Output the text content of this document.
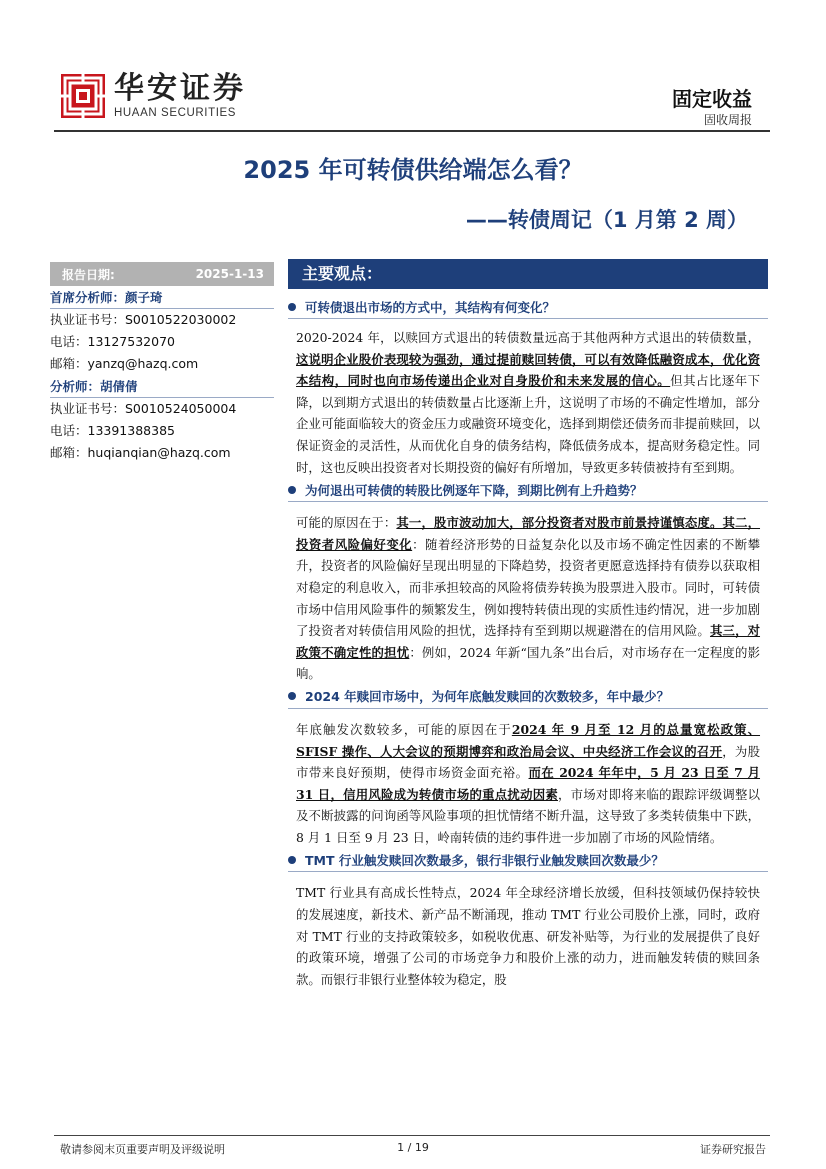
华安证券
HUAAN SECURITIES
固定收益
固收周报
2025 年可转债供给端怎么看？
——转债周记（1 月第 2 周）
报告日期:	2025-1-13
首席分析师：颜子琦
执业证书号：S0010522030002
电话：13127532070
邮箱：yanzq@hazq.com
分析师：胡倩倩
执业证书号：S0010524050004
电话：13391388385
邮箱：huqianqian@hazq.com
主要观点：
可转债退出市场的方式中，其结构有何变化？
2020-2024 年，以赎回方式退出的转债数量远高于其他两种方式退出的转债数量，这说明企业股价表现较为强劲，通过提前赎回转债，可以有效降低融资成本，优化资本结构，同时也向市场传递出企业对自身股价和未来发展的信心。但其占比逐年下降，以到期方式退出的转债数量占比逐渐上升，这说明了市场的不确定性增加，部分企业可能面临较大的资金压力或融资环境变化，选择到期偿还债务而非提前赎回，以保证资金的灵活性，从而优化自身的债务结构，降低债务成本，提高财务稳定性。同时，这也反映出投资者对长期投资的偏好有所增加，导致更多转债被持有至到期。
为何退出可转债的转股比例逐年下降，到期比例有上升趋势？
可能的原因在于：其一，股市波动加大，部分投资者对股市前景持谨慎态度。其二，投资者风险偏好变化：随着经济形势的日益复杂化以及市场不确定性因素的不断攀升，投资者的风险偏好呈现出明显的下降趋势，投资者更愿意选择持有债券以获取相对稳定的利息收入，而非承担较高的风险将债券转换为股票进入股市。同时，可转债市场中信用风险事件的频繁发生，例如搜特转债出现的实质性违约情况，进一步加剧了投资者对转债信用风险的担忧，选择持有至到期以规避潜在的信用风险。其三，对政策不确定性的担忧：例如，2024 年新“国九条”出台后，对市场存在一定程度的影响。
2024 年赎回市场中，为何年底触发赎回的次数较多，年中最少？
年底触发次数较多，可能的原因在于2024 年 9 月至 12 月的总量宽松政策、SFISF 操作、人大会议的预期博弈和政治局会议、中央经济工作会议的召开，为股市带来良好预期，使得市场资金面充裕。而在 2024 年年中，5 月 23 日至 7 月 31 日，信用风险成为转债市场的重点扰动因素，市场对即将来临的跟踪评级调整以及不断披露的问询函等风险事项的担忧情绪不断升温，这导致了多类转债集中下跌，8 月 1 日至 9 月 23 日，岭南转债的违约事件进一步加剧了市场的风险情绪。
TMT 行业触发赎回次数最多，银行非银行业触发赎回次数最少？
TMT 行业具有高成长性特点，2024 年全球经济增长放缓，但科技领域仍保持较快的发展速度，新技术、新产品不断涌现，推动 TMT 行业公司股价上涨，同时，政府对 TMT 行业的支持政策较多，如税收优惠、研发补贴等，为行业的发展提供了良好的政策环境，增强了公司的市场竞争力和股价上涨的动力，进而触发转债的赎回条款。而银行非银行业整体较为稳定，股
敬请参阅末页重要声明及评级说明	1 / 19	证券研究报告
